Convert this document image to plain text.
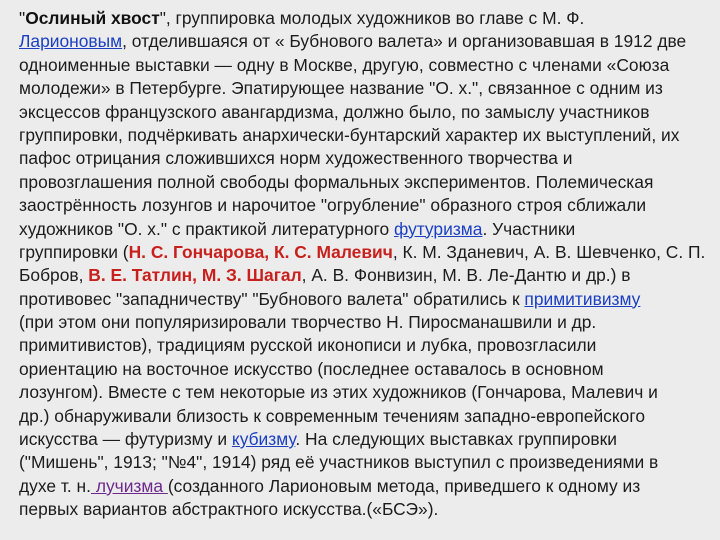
"Ослиный хвост", группировка молодых художников во главе с М. Ф.
Ларионовым, отделившаяся от « Бубнового валета» и организовавшая в 1912 две
одноименные выставки — одну в Москве, другую, совместно с членами «Союза
молодежи» в Петербурге. Эпатирующее название "О. х.", связанное с одним из
эксцессов французского авангардизма, должно было, по замыслу участников
группировки, подчёркивать анархически-бунтарский характер их выступлений, их
пафос отрицания сложившихся норм художественного творчества и
провозглашения полной свободы формальных экспериментов. Полемическая
заострённость лозунгов и нарочитое "огрубление" образного строя сближали
художников "О. х." с практикой литературного футуризма. Участники
группировки (Н. С. Гончарова, К. С. Малевич, К. М. Зданевич, А. В. Шевченко, С. П.
Бобров, В. Е. Татлин, М. З. Шагал, А. В. Фонвизин, М. В. Ле-Дантю и др.) в
противовес "западничеству" "Бубнового валета" обратились к примитивизму
(при этом они популяризировали творчество Н. Пиросманашвили и др.
примитивистов), традициям русской иконописи и лубка, провозгласили
ориентацию на восточное искусство (последнее оставалось в основном
лозунгом). Вместе с тем некоторые из этих художников (Гончарова, Малевич и
др.) обнаруживали близость к современным течениям западно-европейского
искусства — футуризму и кубизму. На следующих выставках группировки
("Мишень", 1913; "№4", 1914) ряд её участников выступил с произведениями в
духе т. н. лучизма (созданного Ларионовым метода, приведшего к одному из
первых вариантов абстрактного искусства.(«БСЭ»).
